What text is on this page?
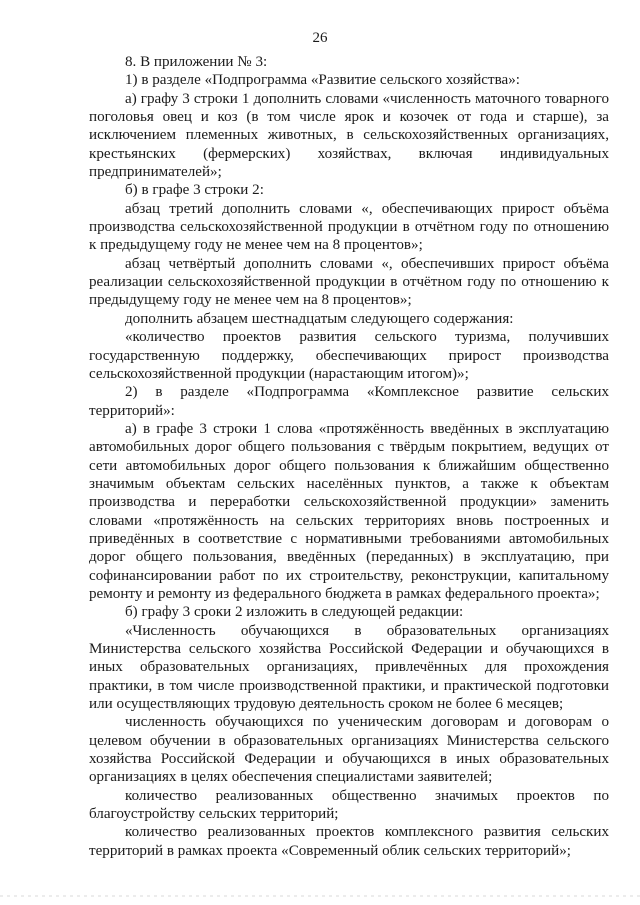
26

8. В приложении № 3:

1) в разделе «Подпрограмма «Развитие сельского хозяйства»:

а) графу 3 строки 1 дополнить словами «численность маточного товарного поголовья овец и коз (в том числе ярок и козочек от года и старше), за исключением племенных животных, в сельскохозяйственных организациях, крестьянских (фермерских) хозяйствах, включая индивидуальных предпринимателей»;

б) в графе 3 строки 2:

абзац третий дополнить словами «, обеспечивающих прирост объёма производства сельскохозяйственной продукции в отчётном году по отношению к предыдущему году не менее чем на 8 процентов»;

абзац четвёртый дополнить словами «, обеспечивших прирост объёма реализации сельскохозяйственной продукции в отчётном году по отношению к предыдущему году не менее чем на 8 процентов»;

дополнить абзацем шестнадцатым следующего содержания:

«количество проектов развития сельского туризма, получивших государственную поддержку, обеспечивающих прирост производства сельскохозяйственной продукции (нарастающим итогом)»;

2) в разделе «Подпрограмма «Комплексное развитие сельских территорий»:

а) в графе 3 строки 1 слова «протяжённость введённых в эксплуатацию автомобильных дорог общего пользования с твёрдым покрытием, ведущих от сети автомобильных дорог общего пользования к ближайшим общественно значимым объектам сельских населённых пунктов, а также к объектам производства и переработки сельскохозяйственной продукции» заменить словами «протяжённость на сельских территориях вновь построенных и приведённых в соответствие с нормативными требованиями автомобильных дорог общего пользования, введённых (переданных) в эксплуатацию, при софинансировании работ по их строительству, реконструкции, капитальному ремонту и ремонту из федерального бюджета в рамках федерального проекта»;

б) графу 3 сроки 2 изложить в следующей редакции:

«Численность обучающихся в образовательных организациях Министерства сельского хозяйства Российской Федерации и обучающихся в иных образовательных организациях, привлечённых для прохождения практики, в том числе производственной практики, и практической подготовки или осуществляющих трудовую деятельность сроком не более 6 месяцев;

численность обучающихся по ученическим договорам и договорам о целевом обучении в образовательных организациях Министерства сельского хозяйства Российской Федерации и обучающихся в иных образовательных организациях в целях обеспечения специалистами заявителей;

количество реализованных общественно значимых проектов по благоустройству сельских территорий;

количество реализованных проектов комплексного развития сельских территорий в рамках проекта «Современный облик сельских территорий»;
